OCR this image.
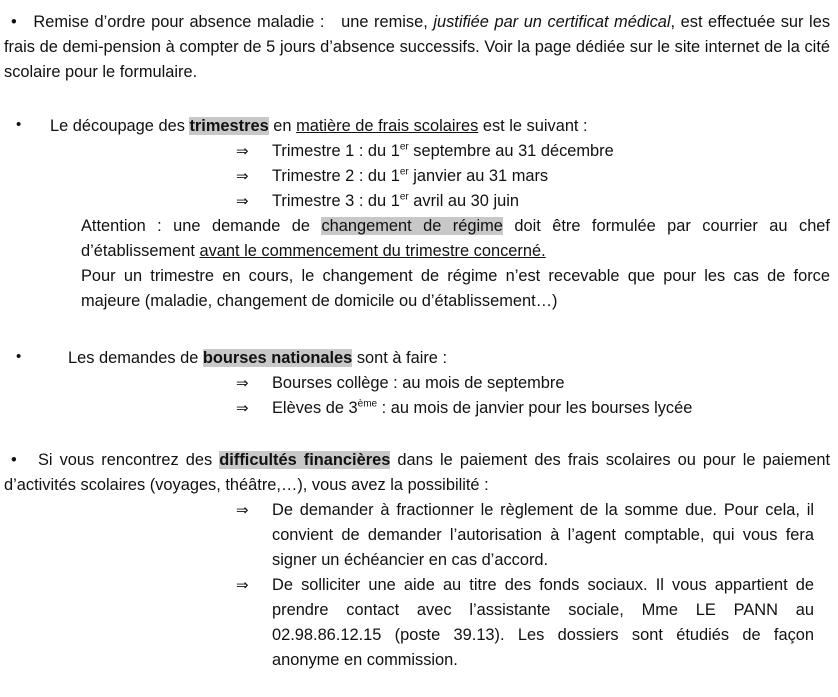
• Remise d’ordre pour absence maladie : une remise, justifiée par un certificat médical, est effectuée sur les frais de demi-pension à compter de 5 jours d’absence successifs. Voir la page dédiée sur le site internet de la cité scolaire pour le formulaire.
• Le découpage des trimestres en matière de frais scolaires est le suivant :
⇒ Trimestre 1 : du 1er septembre au 31 décembre
⇒ Trimestre 2 : du 1er janvier au 31 mars
⇒ Trimestre 3 : du 1er avril au 30 juin
Attention : une demande de changement de régime doit être formulée par courrier au chef d’établissement avant le commencement du trimestre concerné.
Pour un trimestre en cours, le changement de régime n’est recevable que pour les cas de force majeure (maladie, changement de domicile ou d’établissement…)
•	Les demandes de bourses nationales sont à faire :
⇒ Bourses collège : au mois de septembre
⇒ Elèves de 3ème : au mois de janvier pour les bourses lycée
• Si vous rencontrez des difficultés financières dans le paiement des frais scolaires ou pour le paiement d’activités scolaires (voyages, théâtre,…), vous avez la possibilité :
⇒ De demander à fractionner le règlement de la somme due. Pour cela, il convient de demander l’autorisation à l’agent comptable, qui vous fera signer un échéancier en cas d’accord.
⇒ De solliciter une aide au titre des fonds sociaux. Il vous appartient de prendre contact avec l’assistante sociale, Mme LE PANN au 02.98.86.12.15 (poste 39.13). Les dossiers sont étudiés de façon anonyme en commission.
